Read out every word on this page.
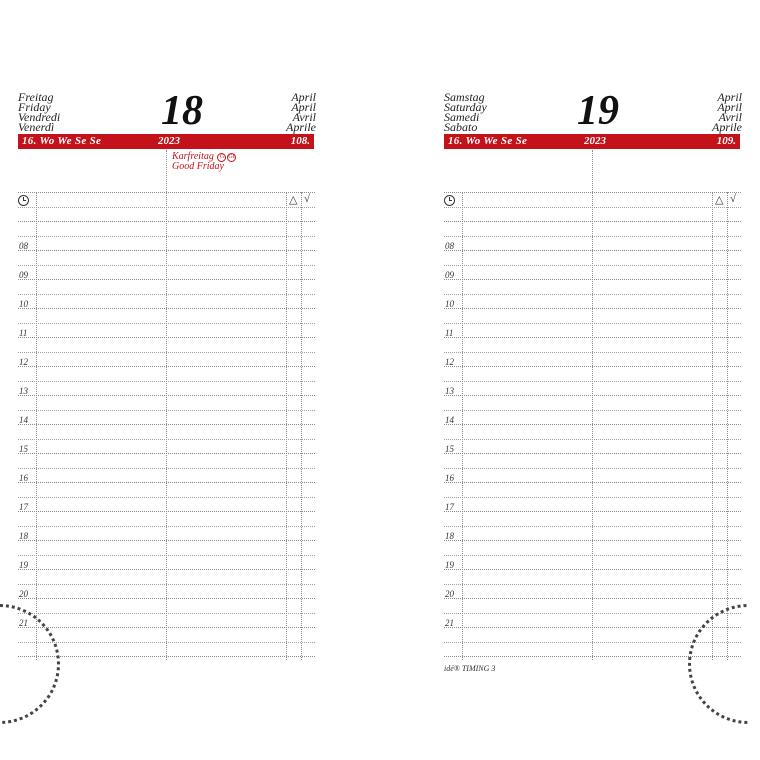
Freitag
Friday
Vendredi
Venerdì	18	April
April
Avril
Aprile
16. Wo We Se Se	2023	108.
Karfreitag G Gb
Good Friday
08
09
10
11
12
13
14
15
16
17
18
19
20
21
△ √
Samstag
Saturday
Samedi
Sabato	19	April
April
Avril
Aprile
16. Wo We Se Se	2023	109.
08
09
10
11
12
13
14
15
16
17
18
19
20
21
△ √
idé® TIMING 3
